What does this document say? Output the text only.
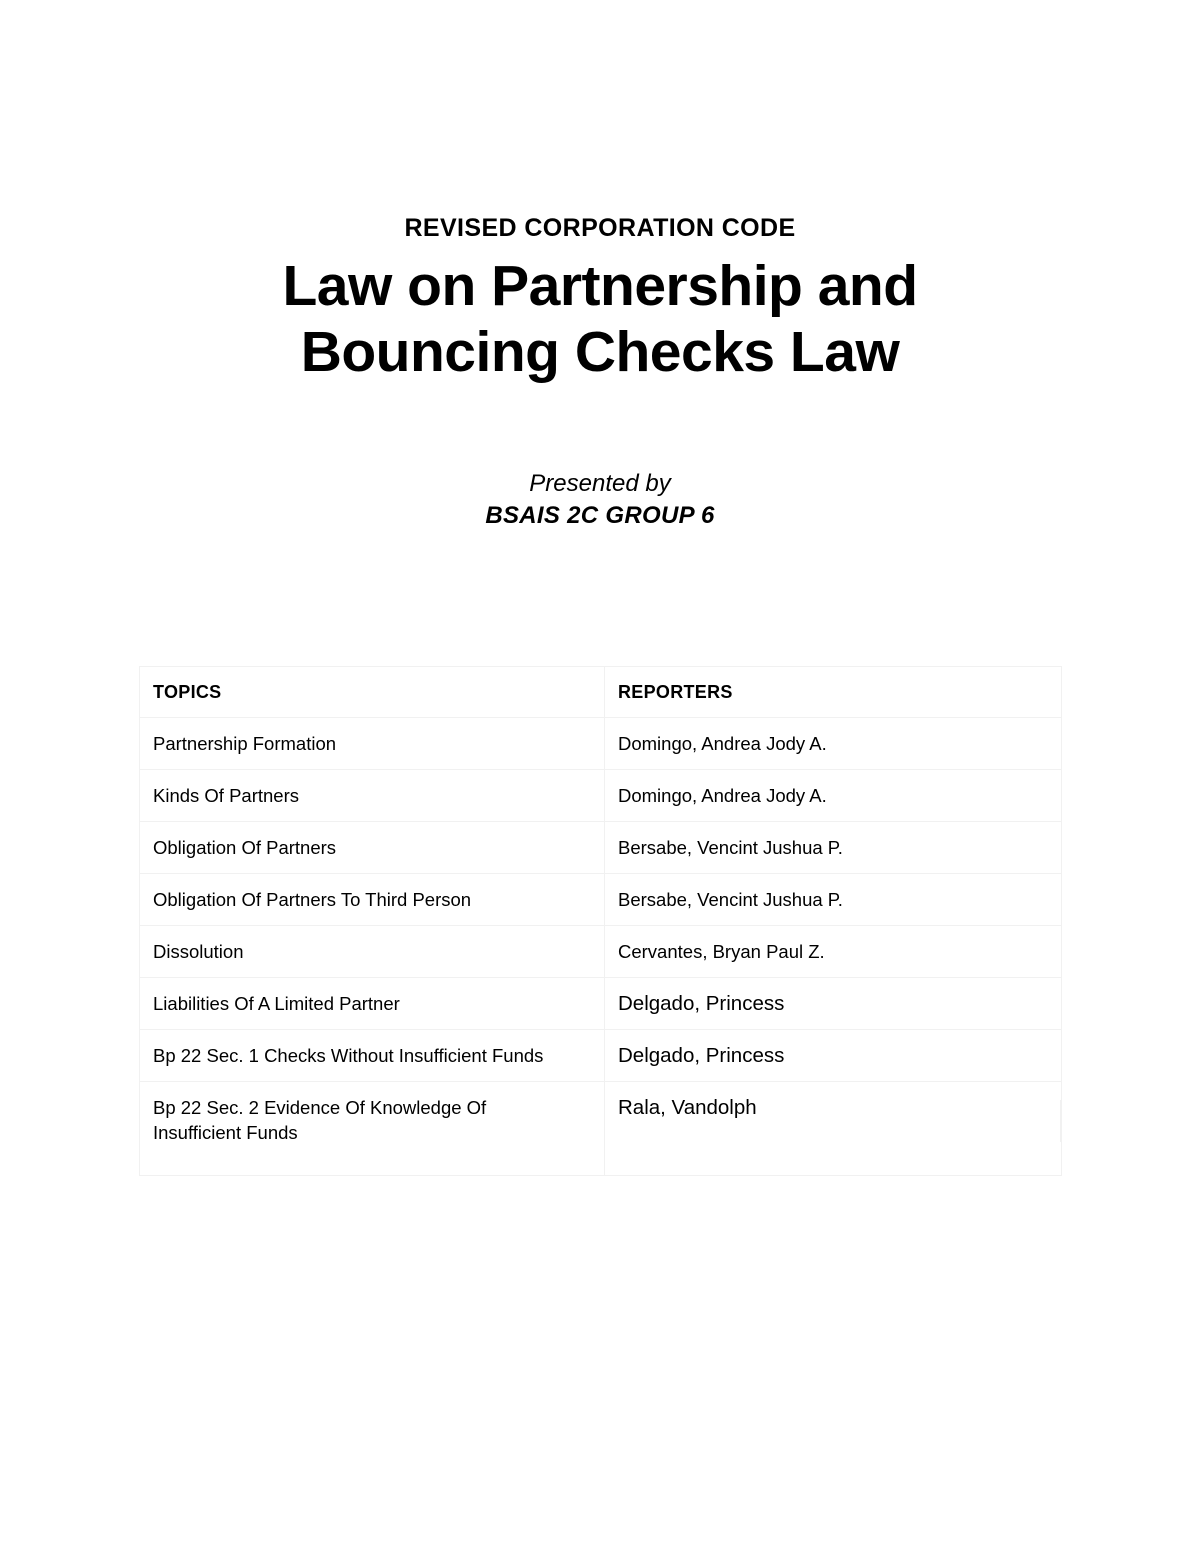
REVISED CORPORATION CODE
Law on Partnership and Bouncing Checks Law
Presented by
BSAIS 2C GROUP 6
TOPICS	REPORTERS
Partnership Formation	Domingo, Andrea Jody A.
Kinds Of Partners	Domingo, Andrea Jody A.
Obligation Of Partners	Bersabe, Vencint Jushua P.
Obligation Of Partners To Third Person	Bersabe, Vencint Jushua P.
Dissolution	Cervantes, Bryan Paul Z.
Liabilities Of A Limited Partner	Delgado, Princess
Bp 22 Sec. 1 Checks Without Insufficient Funds	Delgado, Princess
Bp 22 Sec. 2 Evidence Of Knowledge Of Insufficient Funds	Rala, Vandolph
